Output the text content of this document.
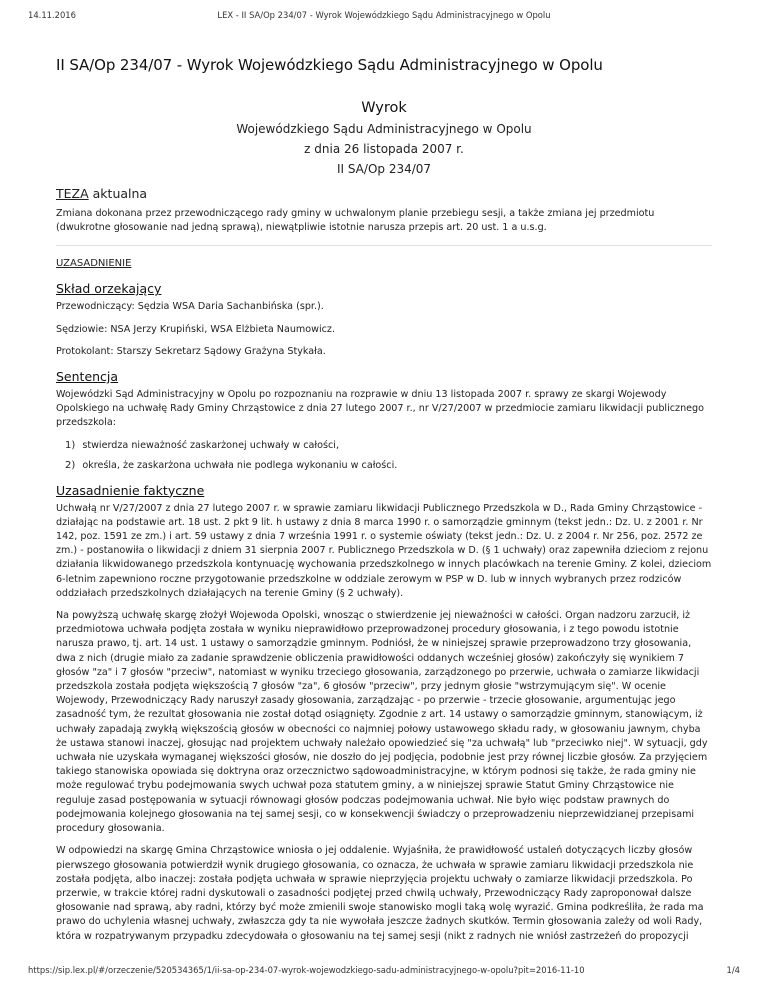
14.11.2016	LEX - II SA/Op 234/07 - Wyrok Wojewódzkiego Sądu Administracyjnego w Opolu
II SA/Op 234/07 - Wyrok Wojewódzkiego Sądu Administracyjnego w Opolu
Wyrok
Wojewódzkiego Sądu Administracyjnego w Opolu
z dnia 26 listopada 2007 r.
II SA/Op 234/07
TEZA aktualna

Zmiana dokonana przez przewodniczącego rady gminy w uchwalonym planie przebiegu sesji, a także zmiana jej przedmiotu (dwukrotne głosowanie nad jedną sprawą), niewątpliwie istotnie narusza przepis art. 20 ust. 1 a u.s.g.

UZASADNIENIE
Skład orzekający

Przewodniczący: Sędzia WSA Daria Sachanbińska (spr.).

Sędziowie: NSA Jerzy Krupiński, WSA Elżbieta Naumowicz.

Protokolant: Starszy Sekretarz Sądowy Grażyna Stykała.

Sentencja

Wojewódzki Sąd Administracyjny w Opolu po rozpoznaniu na rozprawie w dniu 13 listopada 2007 r. sprawy ze skargi Wojewody Opolskiego na uchwałę Rady Gminy Chrząstowice z dnia 27 lutego 2007 r., nr V/27/2007 w przedmiocie zamiaru likwidacji publicznego przedszkola:

1) stwierdza nieważność zaskarżonej uchwały w całości,
2) określa, że zaskarżona uchwała nie podlega wykonaniu w całości.
Uzasadnienie faktyczne

Uchwałą nr V/27/2007 z dnia 27 lutego 2007 r. w sprawie zamiaru likwidacji Publicznego Przedszkola w D., Rada Gminy Chrząstowice - działając na podstawie art. 18 ust. 2 pkt 9 lit. h ustawy z dnia 8 marca 1990 r. o samorządzie gminnym (tekst jedn.: Dz. U. z 2001 r. Nr 142, poz. 1591 ze zm.) i art. 59 ustawy z dnia 7 września 1991 r. o systemie oświaty (tekst jedn.: Dz. U. z 2004 r. Nr 256, poz. 2572 ze zm.) - postanowiła o likwidacji z dniem 31 sierpnia 2007 r. Publicznego Przedszkola w D. (§ 1 uchwały) oraz zapewniła dzieciom z rejonu działania likwidowanego przedszkola kontynuację wychowania przedszkolnego w innych placówkach na terenie Gminy. Z kolei, dzieciom 6-letnim zapewniono roczne przygotowanie przedszkolne w oddziale zerowym w PSP w D. lub w innych wybranych przez rodziców oddziałach przedszkolnych działających na terenie Gminy (§ 2 uchwały).

Na powyższą uchwałę skargę złożył Wojewoda Opolski, wnosząc o stwierdzenie jej nieważności w całości. Organ nadzoru zarzucił, iż przedmiotowa uchwała podjęta została w wyniku nieprawidłowo przeprowadzonej procedury głosowania, i z tego powodu istotnie narusza prawo, tj. art. 14 ust. 1 ustawy o samorządzie gminnym. Podniósł, że w niniejszej sprawie przeprowadzono trzy głosowania, dwa z nich (drugie miało za zadanie sprawdzenie obliczenia prawidłowości oddanych wcześniej głosów) zakończyły się wynikiem 7 głosów "za" i 7 głosów "przeciw", natomiast w wyniku trzeciego głosowania, zarządzonego po przerwie, uchwała o zamiarze likwidacji przedszkola została podjęta większością 7 głosów "za", 6 głosów "przeciw", przy jednym głosie "wstrzymującym się". W ocenie Wojewody, Przewodniczący Rady naruszył zasady głosowania, zarządzając - po przerwie - trzecie głosowanie, argumentując jego zasadność tym, że rezultat głosowania nie został dotąd osiągnięty. Zgodnie z art. 14 ustawy o samorządzie gminnym, stanowiącym, iż uchwały zapadają zwykłą większością głosów w obecności co najmniej połowy ustawowego składu rady, w głosowaniu jawnym, chyba że ustawa stanowi inaczej, głosując nad projektem uchwały należało opowiedzieć się "za uchwałą" lub "przeciwko niej". W sytuacji, gdy uchwała nie uzyskała wymaganej większości głosów, nie doszło do jej podjęcia, podobnie jest przy równej liczbie głosów. Za przyjęciem takiego stanowiska opowiada się doktryna oraz orzecznictwo sądowoadministracyjne, w którym podnosi się także, że rada gminy nie może regulować trybu podejmowania swych uchwał poza statutem gminy, a w niniejszej sprawie Statut Gminy Chrząstowice nie reguluje zasad postępowania w sytuacji równowagi głosów podczas podejmowania uchwał. Nie było więc podstaw prawnych do podejmowania kolejnego głosowania na tej samej sesji, co w konsekwencji świadczy o przeprowadzeniu nieprzewidzianej przepisami procedury głosowania.

W odpowiedzi na skargę Gmina Chrząstowice wniosła o jej oddalenie. Wyjaśniła, że prawidłowość ustaleń dotyczących liczby głosów pierwszego głosowania potwierdził wynik drugiego głosowania, co oznacza, że uchwała w sprawie zamiaru likwidacji przedszkola nie została podjęta, albo inaczej: została podjęta uchwała w sprawie nieprzyjęcia projektu uchwały o zamiarze likwidacji przedszkola. Po przerwie, w trakcie której radni dyskutowali o zasadności podjętej przed chwilą uchwały, Przewodniczący Rady zaproponował dalsze głosowanie nad sprawą, aby radni, którzy być może zmienili swoje stanowisko mogli taką wolę wyrazić. Gmina podkreśliła, że rada ma prawo do uchylenia własnej uchwały, zwłaszcza gdy ta nie wywołała jeszcze żadnych skutków. Termin głosowania zależy od woli Rady, która w rozpatrywanym przypadku zdecydowała o głosowaniu na tej samej sesji (nikt z radnych nie wniósł zastrzeżeń do propozycji

https://sip.lex.pl/#/orzeczenie/520534365/1/ii-sa-op-234-07-wyrok-wojewodzkiego-sadu-administracyjnego-w-opolu?pit=2016-11-10	1/4
